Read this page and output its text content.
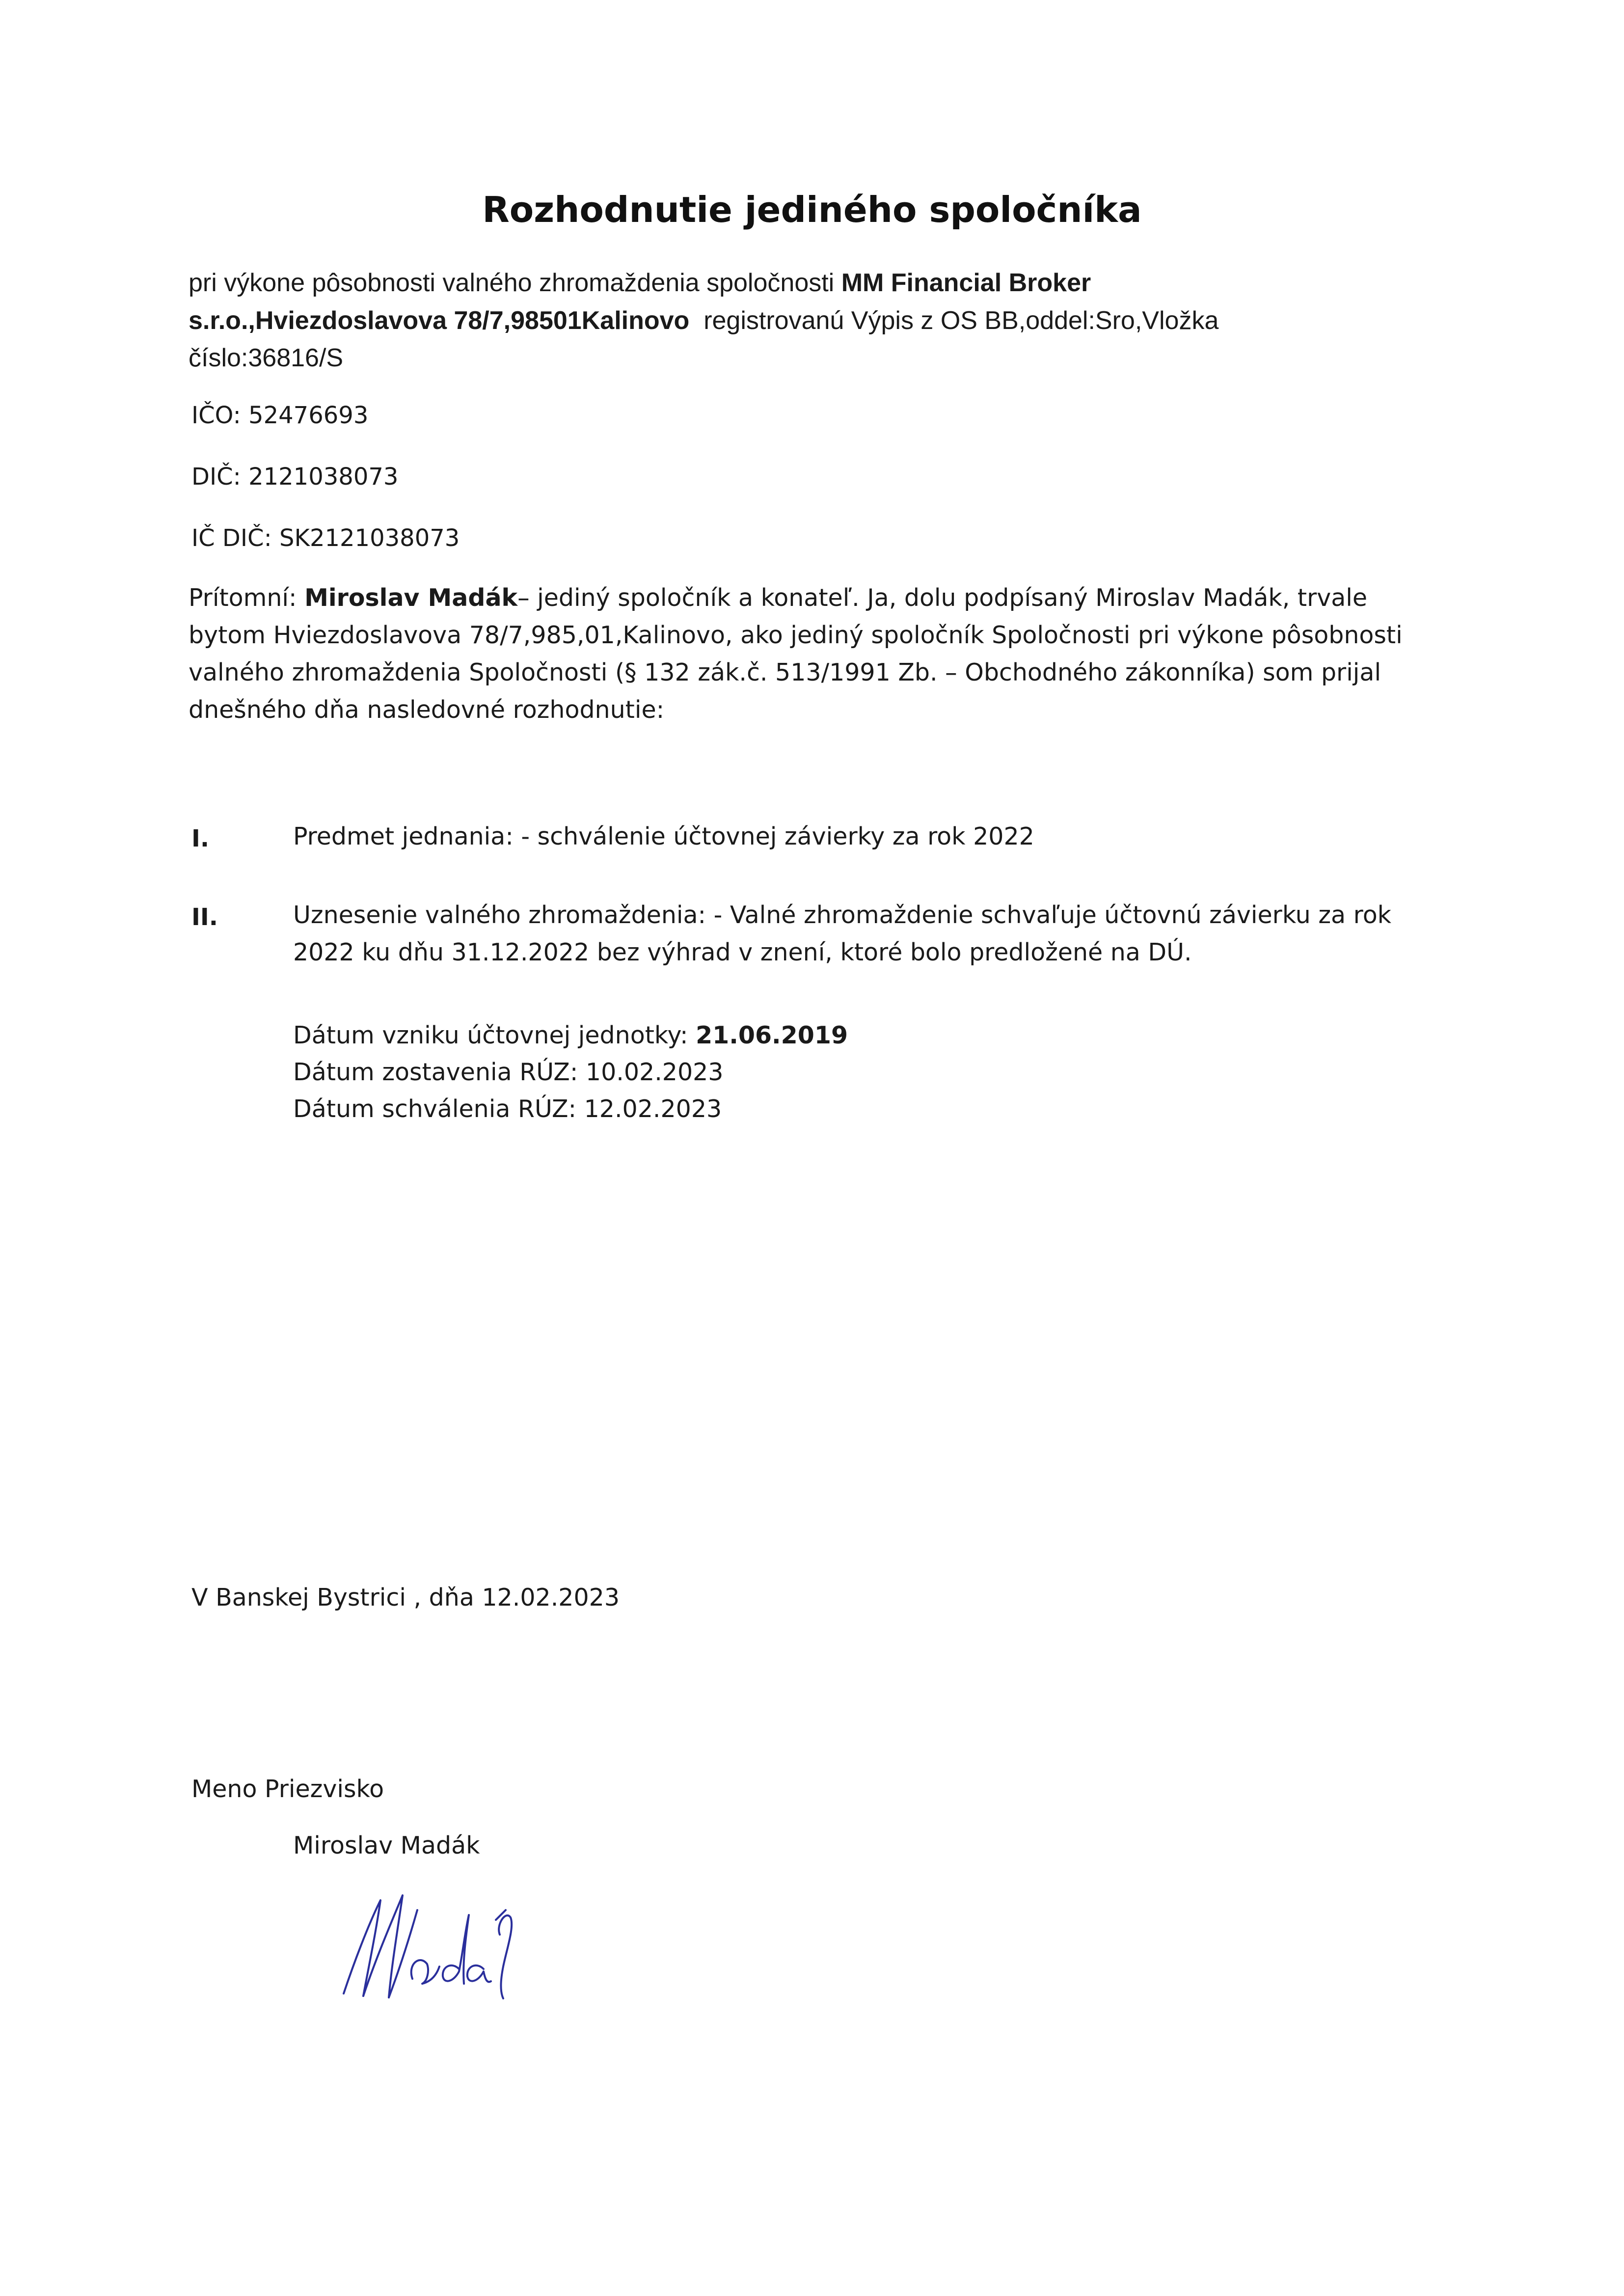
Rozhodnutie jediného spoločníka
pri výkone pôsobnosti valného zhromaždenia spoločnosti MM Financial Broker
s.r.o.,Hviezdoslavova 78/7,98501Kalinovo  registrovanú Výpis z OS BB,oddel:Sro,Vložka
číslo:36816/S
IČO: 52476693
DIČ: 2121038073
IČ DIČ: SK2121038073
Prítomní: Miroslav Madák– jediný spoločník a konateľ. Ja, dolu podpísaný Miroslav Madák, trvale bytom Hviezdoslavova 78/7,985,01,Kalinovo, ako jediný spoločník Spoločnosti pri výkone pôsobnosti valného zhromaždenia Spoločnosti (§ 132 zák.č. 513/1991 Zb. – Obchodného zákonníka) som prijal dnešného dňa nasledovné rozhodnutie:
I.	Predmet jednania: - schválenie účtovnej závierky za rok 2022
II.	Uznesenie valného zhromaždenia: - Valné zhromaždenie schvaľuje účtovnú závierku za rok 2022 ku dňu 31.12.2022 bez výhrad v znení, ktoré bolo predložené na DÚ.
Dátum vzniku účtovnej jednotky: 21.06.2019
Dátum zostavenia RÚZ: 10.02.2023
Dátum schválenia RÚZ: 12.02.2023
V Banskej Bystrici , dňa 12.02.2023
Meno Priezvisko
Miroslav Madák
